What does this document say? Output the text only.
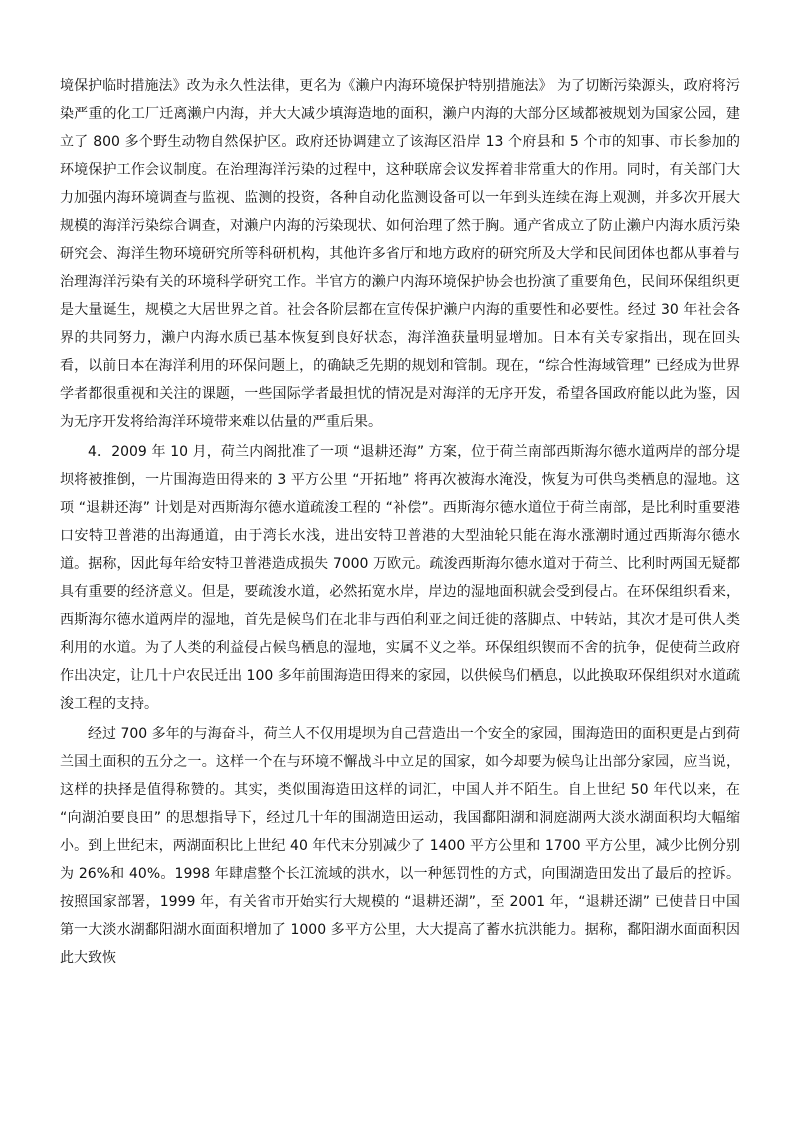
境保护临时措施法》改为永久性法律，更名为《濑户内海环境保护特别措施法》 为了切断污染源头，政府将污染严重的化工厂迁离濑户内海，并大大减少填海造地的面积，濑户内海的大部分区域都被规划为国家公园，建立了 800 多个野生动物自然保护区。政府还协调建立了该海区沿岸 13 个府县和 5 个市的知事、市长参加的环境保护工作会议制度。在治理海洋污染的过程中，这种联席会议发挥着非常重大的作用。同时，有关部门大力加强内海环境调查与监视、监测的投资，各种自动化监测设备可以一年到头连续在海上观测，并多次开展大规模的海洋污染综合调查，对濑户内海的污染现状、如何治理了然于胸。通产省成立了防止濑户内海水质污染研究会、海洋生物环境研究所等科研机构，其他许多省厅和地方政府的研究所及大学和民间团体也都从事着与治理海洋污染有关的环境科学研究工作。半官方的濑户内海环境保护协会也扮演了重要角色，民间环保组织更是大量诞生，规模之大居世界之首。社会各阶层都在宣传保护濑户内海的重要性和必要性。经过 30 年社会各界的共同努力，濑户内海水质已基本恢复到良好状态，海洋渔获量明显增加。日本有关专家指出，现在回头看，以前日本在海洋利用的环保问题上，的确缺乏先期的规划和管制。现在，“综合性海域管理” 已经成为世界学者都很重视和关注的课题，一些国际学者最担忧的情况是对海洋的无序开发，希望各国政府能以此为鉴，因为无序开发将给海洋环境带来难以估量的严重后果。

4．2009 年 10 月，荷兰内阁批准了一项 “退耕还海” 方案，位于荷兰南部西斯海尔德水道两岸的部分堤坝将被推倒，一片围海造田得来的 3 平方公里 “开拓地” 将再次被海水淹没，恢复为可供鸟类栖息的湿地。这项 “退耕还海” 计划是对西斯海尔德水道疏浚工程的 “补偿”。西斯海尔德水道位于荷兰南部，是比利时重要港口安特卫普港的出海通道，由于湾长水浅，进出安特卫普港的大型油轮只能在海水涨潮时通过西斯海尔德水道。据称，因此每年给安特卫普港造成损失 7000 万欧元。疏浚西斯海尔德水道对于荷兰、比利时两国无疑都具有重要的经济意义。但是，要疏浚水道，必然拓宽水岸，岸边的湿地面积就会受到侵占。在环保组织看来，西斯海尔德水道两岸的湿地，首先是候鸟们在北非与西伯利亚之间迁徙的落脚点、中转站，其次才是可供人类利用的水道。为了人类的利益侵占候鸟栖息的湿地，实属不义之举。环保组织锲而不舍的抗争，促使荷兰政府作出决定，让几十户农民迁出 100 多年前围海造田得来的家园，以供候鸟们栖息，以此换取环保组织对水道疏浚工程的支持。

经过 700 多年的与海奋斗，荷兰人不仅用堤坝为自己营造出一个安全的家园，围海造田的面积更是占到荷兰国土面积的五分之一。这样一个在与环境不懈战斗中立足的国家，如今却要为候鸟让出部分家园，应当说，这样的抉择是值得称赞的。其实，类似围海造田这样的词汇，中国人并不陌生。自上世纪 50 年代以来，在 “向湖泊要良田” 的思想指导下，经过几十年的围湖造田运动，我国鄱阳湖和洞庭湖两大淡水湖面积均大幅缩小。到上世纪末，两湖面积比上世纪 40 年代末分别减少了 1400 平方公里和 1700 平方公里，减少比例分别为 26%和 40%。1998 年肆虐整个长江流域的洪水，以一种惩罚性的方式，向围湖造田发出了最后的控诉。按照国家部署，1999 年，有关省市开始实行大规模的 “退耕还湖”，至 2001 年，“退耕还湖” 已使昔日中国第一大淡水湖鄱阳湖水面面积增加了 1000 多平方公里，大大提高了蓄水抗洪能力。据称，鄱阳湖水面面积因此大致恢
